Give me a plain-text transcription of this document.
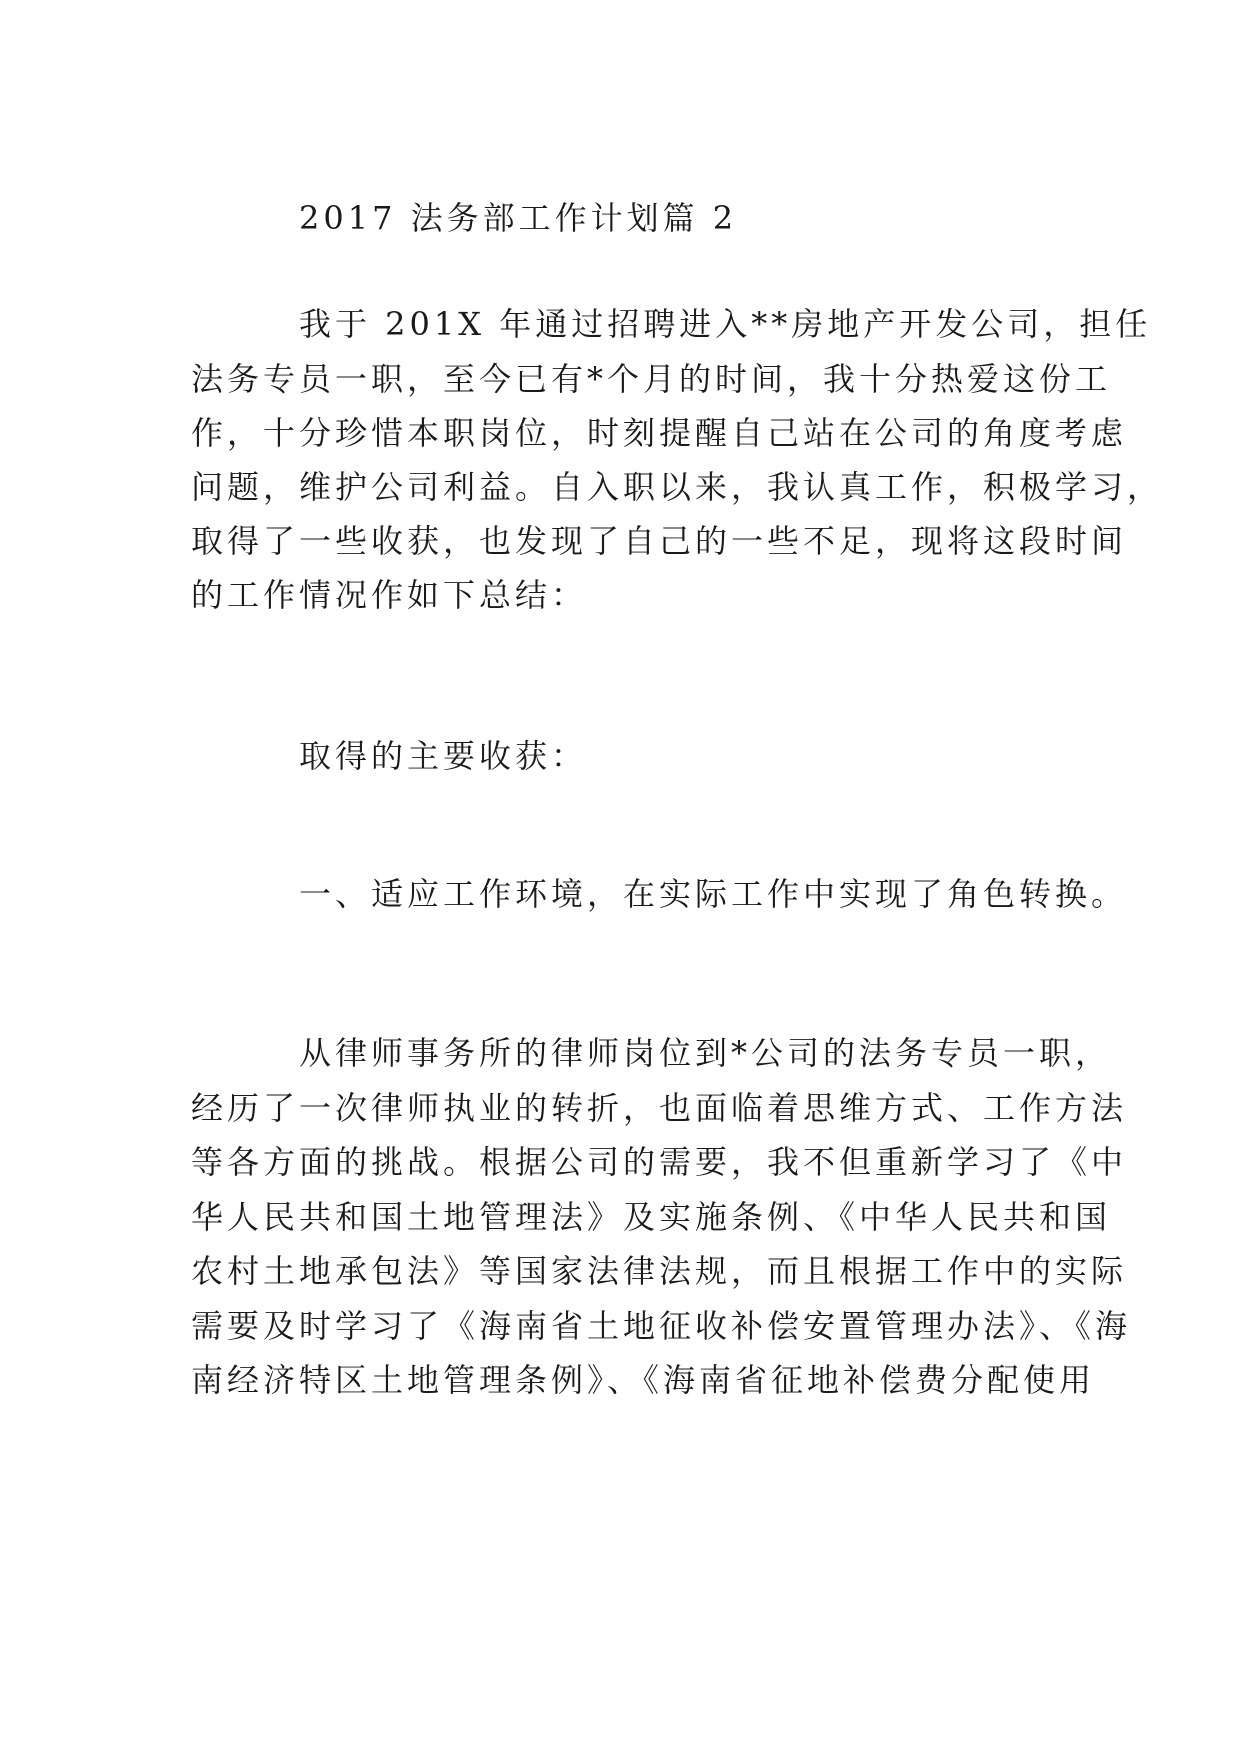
2017 法务部工作计划篇 2
我于 201X 年通过招聘进入**房地产开发公司，担任
法务专员一职，至今已有*个月的时间，我十分热爱这份工
作，十分珍惜本职岗位，时刻提醒自己站在公司的角度考虑
问题，维护公司利益。自入职以来，我认真工作，积极学习，
取得了一些收获，也发现了自己的一些不足，现将这段时间
的工作情况作如下总结：
取得的主要收获：
一、适应工作环境，在实际工作中实现了角色转换。
从律师事务所的律师岗位到*公司的法务专员一职，
经历了一次律师执业的转折，也面临着思维方式、工作方法
等各方面的挑战。根据公司的需要，我不但重新学习了《中
华人民共和国土地管理法》及实施条例、《中华人民共和国
农村土地承包法》等国家法律法规，而且根据工作中的实际
需要及时学习了《海南省土地征收补偿安置管理办法》、《海
南经济特区土地管理条例》、《海南省征地补偿费分配使用
